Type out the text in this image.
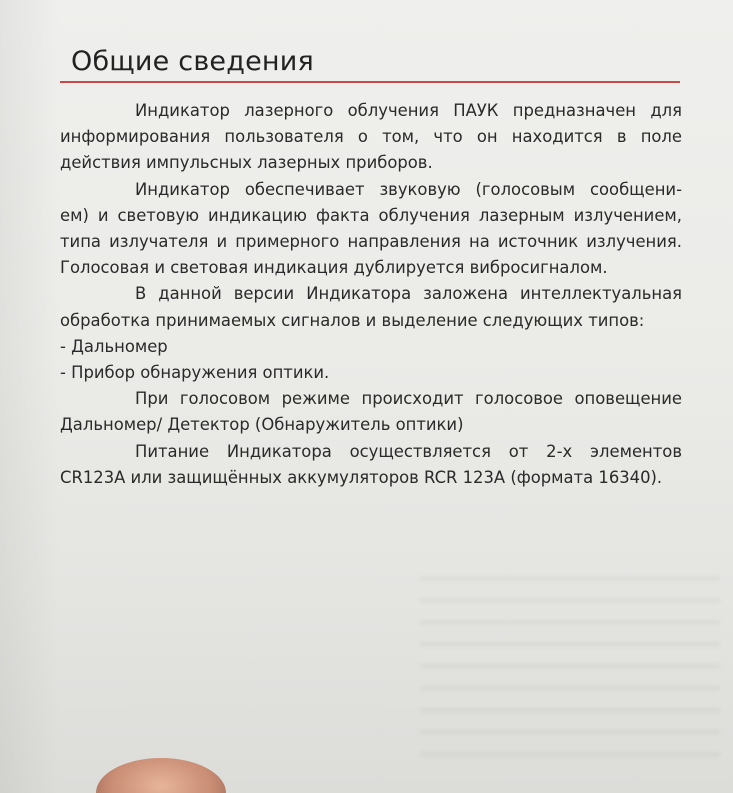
Общие сведения

Индикатор лазерного облучения ПАУК предназначен для

информирования пользователя о том, что он находится в поле

действия импульсных лазерных приборов.

Индикатор обеспечивает звуковую (голосовым сообщени-

ем) и световую индикацию факта облучения лазерным излучением,

типа излучателя и примерного направления на источник излучения.

Голосовая и световая индикация дублируется вибросигналом.

В данной версии Индикатора заложена интеллектуальная

обработка принимаемых сигналов и выделение следующих типов:

- Дальномер

- Прибор обнаружения оптики.

При голосовом режиме происходит голосовое оповещение

Дальномер/ Детектор (Обнаружитель оптики)

Питание Индикатора осуществляется от 2-х элементов

CR123A или защищённых аккумуляторов RCR 123A (формата 16340).
